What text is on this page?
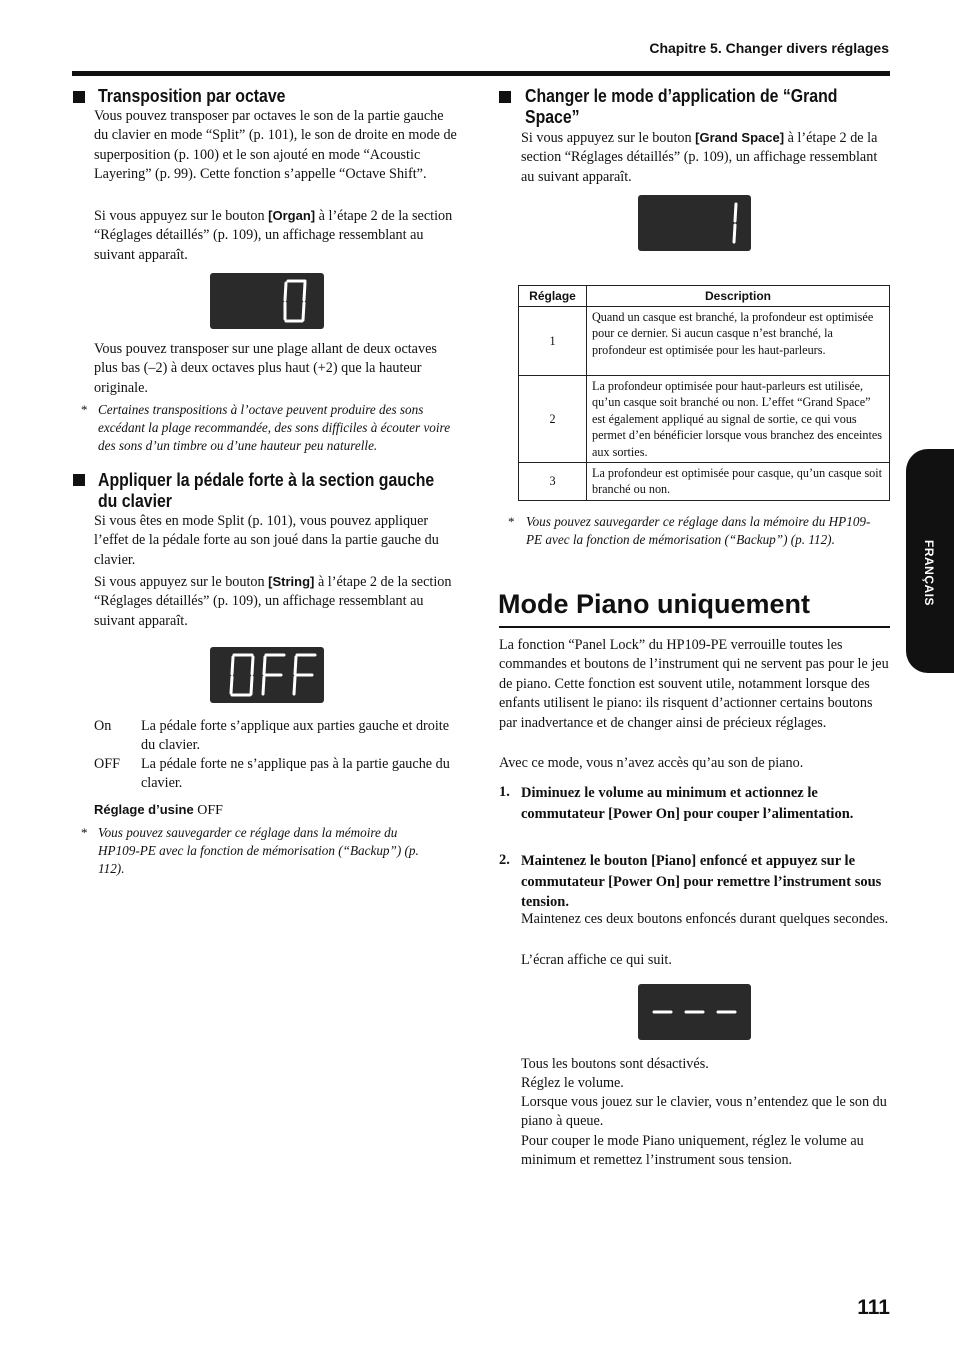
Chapitre 5. Changer divers réglages
FRANÇAIS
Transposition par octave
Vous pouvez transposer par octaves le son de la partie gauche du clavier en mode “Split” (p. 101), le son de droite en mode de superposition (p. 100) et le son ajouté en mode “Acoustic Layering” (p. 99). Cette fonction s’appelle “Octave Shift”.
Si vous appuyez sur le bouton [Organ] à l’étape 2 de la section “Réglages détaillés” (p. 109), un affichage ressemblant au suivant apparaît.
Vous pouvez transposer sur une plage allant de deux octaves plus bas (–2) à deux octaves plus haut (+2) que la hauteur originale.
* Certaines transpositions à l’octave peuvent produire des sons excédant la plage recommandée, des sons difficiles à écouter voire des sons d’un timbre ou d’une hauteur peu naturelle.
Appliquer la pédale forte à la section gauche
du clavier
Si vous êtes en mode Split (p. 101), vous pouvez appliquer l’effet de la pédale forte au son joué dans la partie gauche du clavier.
Si vous appuyez sur le bouton [String] à l’étape 2 de la section “Réglages détaillés” (p. 109), un affichage ressemblant au suivant apparaît.
On La pédale forte s’applique aux parties gauche et droite du clavier.
OFF La pédale forte ne s’applique pas à la partie gauche du clavier.
Réglage d’usine OFF
* Vous pouvez sauvegarder ce réglage dans la mémoire du HP109-PE avec la fonction de mémorisation (“Backup”) (p. 112).
Changer le mode d’application de “Grand
Space”
Si vous appuyez sur le bouton [Grand Space] à l’étape 2 de la section “Réglages détaillés” (p. 109), un affichage ressemblant au suivant apparaît.
Réglage	Description
1	Quand un casque est branché, la profondeur est optimisée pour ce dernier. Si aucun casque n’est branché, la profondeur est optimisée pour les haut-parleurs.
2	La profondeur optimisée pour haut-parleurs est utilisée, qu’un casque soit branché ou non. L’effet “Grand Space” est également appliqué au signal de sortie, ce qui vous permet d’en bénéficier lorsque vous branchez des enceintes aux sorties.
3	La profondeur est optimisée pour casque, qu’un casque soit branché ou non.
* Vous pouvez sauvegarder ce réglage dans la mémoire du HP109-PE avec la fonction de mémorisation (“Backup”) (p. 112).
Mode Piano uniquement
La fonction “Panel Lock” du HP109-PE verrouille toutes les commandes et boutons de l’instrument qui ne servent pas pour le jeu de piano. Cette fonction est souvent utile, notamment lorsque des enfants utilisent le piano: ils risquent d’actionner certains boutons par inadvertance et de changer ainsi de précieux réglages.
Avec ce mode, vous n’avez accès qu’au son de piano.
1. Diminuez le volume au minimum et actionnez le commutateur [Power On] pour couper l’alimentation.
2. Maintenez le bouton [Piano] enfoncé et appuyez sur le commutateur [Power On] pour remettre l’instrument sous tension.
Maintenez ces deux boutons enfoncés durant quelques secondes.
L’écran affiche ce qui suit.
Tous les boutons sont désactivés.
Réglez le volume.
Lorsque vous jouez sur le clavier, vous n’entendez que le son du piano à queue.
Pour couper le mode Piano uniquement, réglez le volume au minimum et remettez l’instrument sous tension.
111
